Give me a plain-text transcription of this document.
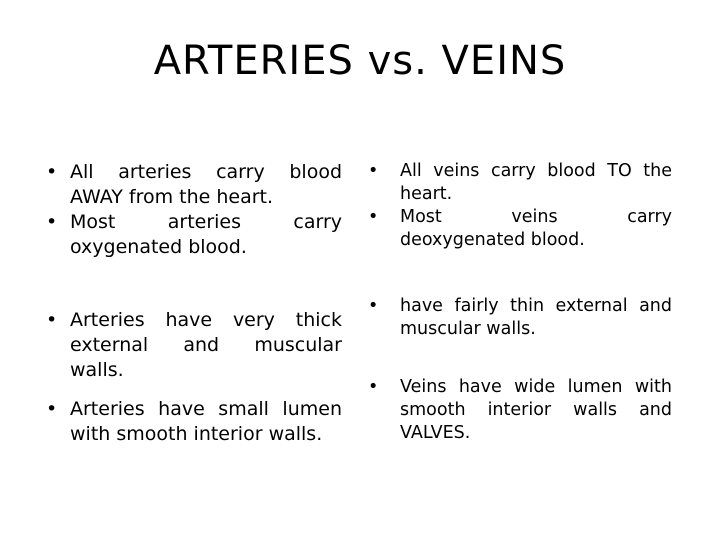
ARTERIES vs. VEINS
• All arteries carry blood AWAY from the heart.
• Most arteries carry oxygenated blood.
• Arteries have very thick external and muscular walls.
• Arteries have small lumen with smooth interior walls.
• All veins carry blood TO the heart.
• Most veins carry deoxygenated blood.
• have fairly thin external and muscular walls.
• Veins have wide lumen with smooth interior walls and VALVES.
